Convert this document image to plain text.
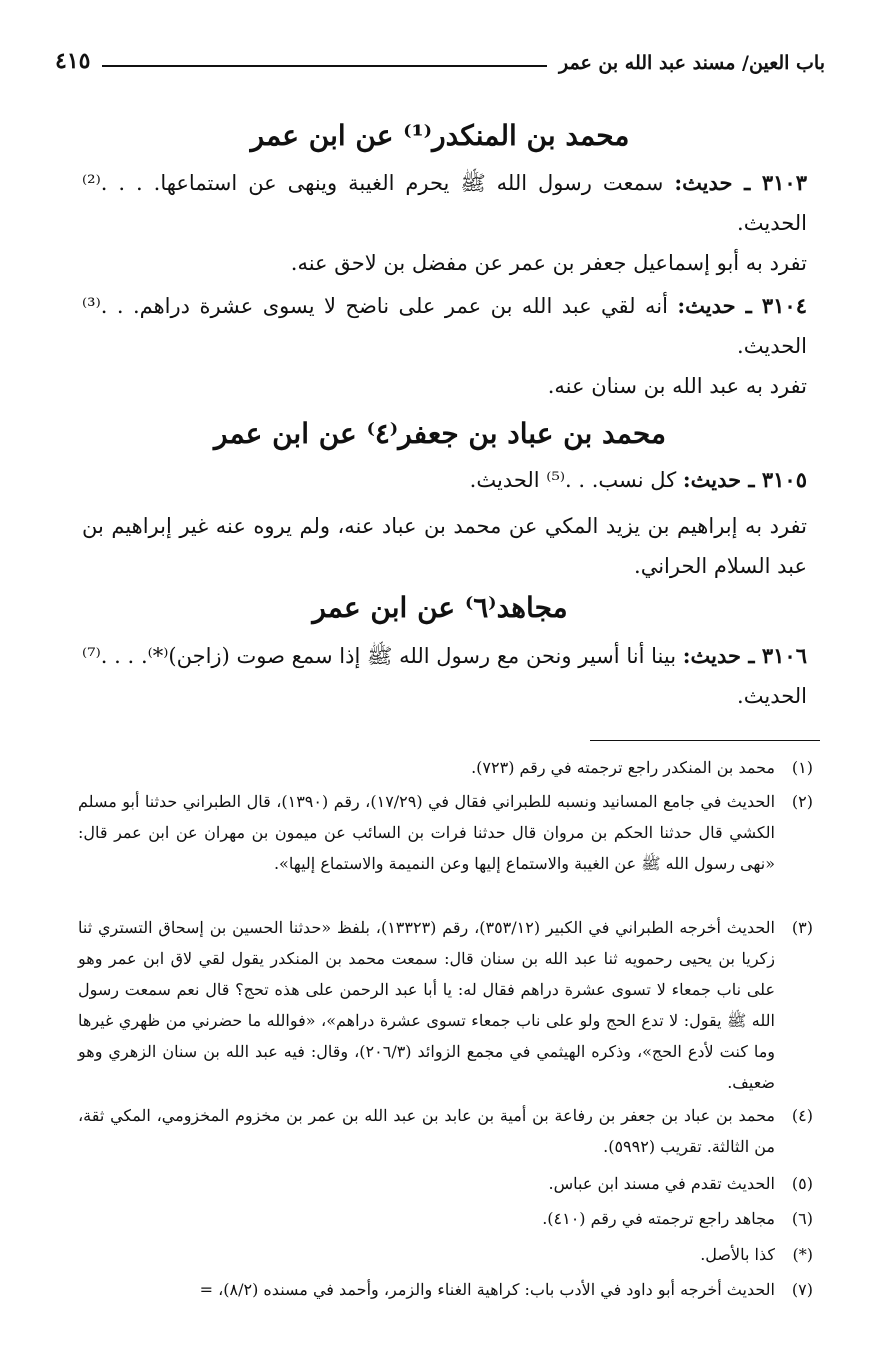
باب العين/ مسند عبد الله بن عمر
٤١٥
محمد بن المنكدر⁽¹⁾ عن ابن عمر
٣١٠٣ ـ حديث: سمعت رسول الله ﷺ يحرم الغيبة وينهى عن استماعها. . . .⁽²⁾ الحديث.
تفرد به أبو إسماعيل جعفر بن عمر عن مفضل بن لاحق عنه.
٣١٠٤ ـ حديث: أنه لقي عبد الله بن عمر على ناضح لا يسوى عشرة دراهم. . .⁽³⁾ الحديث.
تفرد به عبد الله بن سنان عنه.
محمد بن عباد بن جعفر⁽٤⁾ عن ابن عمر
٣١٠٥ ـ حديث: كل نسب. . .⁽⁵⁾ الحديث.
تفرد به إبراهيم بن يزيد المكي عن محمد بن عباد عنه، ولم يروه عنه غير إبراهيم بن عبد السلام الحراني.
مجاهد⁽٦⁾ عن ابن عمر
٣١٠٦ ـ حديث: بينا أنا أسير ونحن مع رسول الله ﷺ إذا سمع صوت (زاجن)⁽*⁾. . . .⁽⁷⁾ الحديث.
(١)
محمد بن المنكدر راجع ترجمته في رقم (٧٢٣).
(٢)
الحديث في جامع المسانيد ونسبه للطبراني فقال في (١٧/٢٩)، رقم (١٣٩٠)، قال الطبراني حدثنا أبو مسلم الكشي قال حدثنا الحكم بن مروان قال حدثنا فرات بن السائب عن ميمون بن مهران عن ابن عمر قال: «نهى رسول الله ﷺ عن الغيبة والاستماع إليها وعن النميمة والاستماع إليها».
(٣)
الحديث أخرجه الطبراني في الكبير (٣٥٣/١٢)، رقم (١٣٣٢٣)، بلفظ «حدثنا الحسين بن إسحاق التستري ثنا زكريا بن يحيى رحمويه ثنا عبد الله بن سنان قال: سمعت محمد بن المنكدر يقول لقي لاق ابن عمر وهو على ناب جمعاء لا تسوى عشرة دراهم فقال له: يا أبا عبد الرحمن على هذه تحج؟ قال نعم سمعت رسول الله ﷺ يقول: لا تدع الحج ولو على ناب جمعاء تسوى عشرة دراهم»، «فوالله ما حضرني من ظهري غيرها وما كنت لأدع الحج»، وذكره الهيثمي في مجمع الزوائد (٢٠٦/٣)، وقال: فيه عبد الله بن سنان الزهري وهو ضعيف.
(٤)
محمد بن عباد بن جعفر بن رفاعة بن أمية بن عابد بن عبد الله بن عمر بن مخزوم المخزومي، المكي ثقة، من الثالثة. تقريب (٥٩٩٢).
(٥)
الحديث تقدم في مسند ابن عباس.
(٦)
مجاهد راجع ترجمته في رقم (٤١٠).
(*)
كذا بالأصل.
(٧)
الحديث أخرجه أبو داود في الأدب باب: كراهية الغناء والزمر، وأحمد في مسنده (٨/٢)، =
